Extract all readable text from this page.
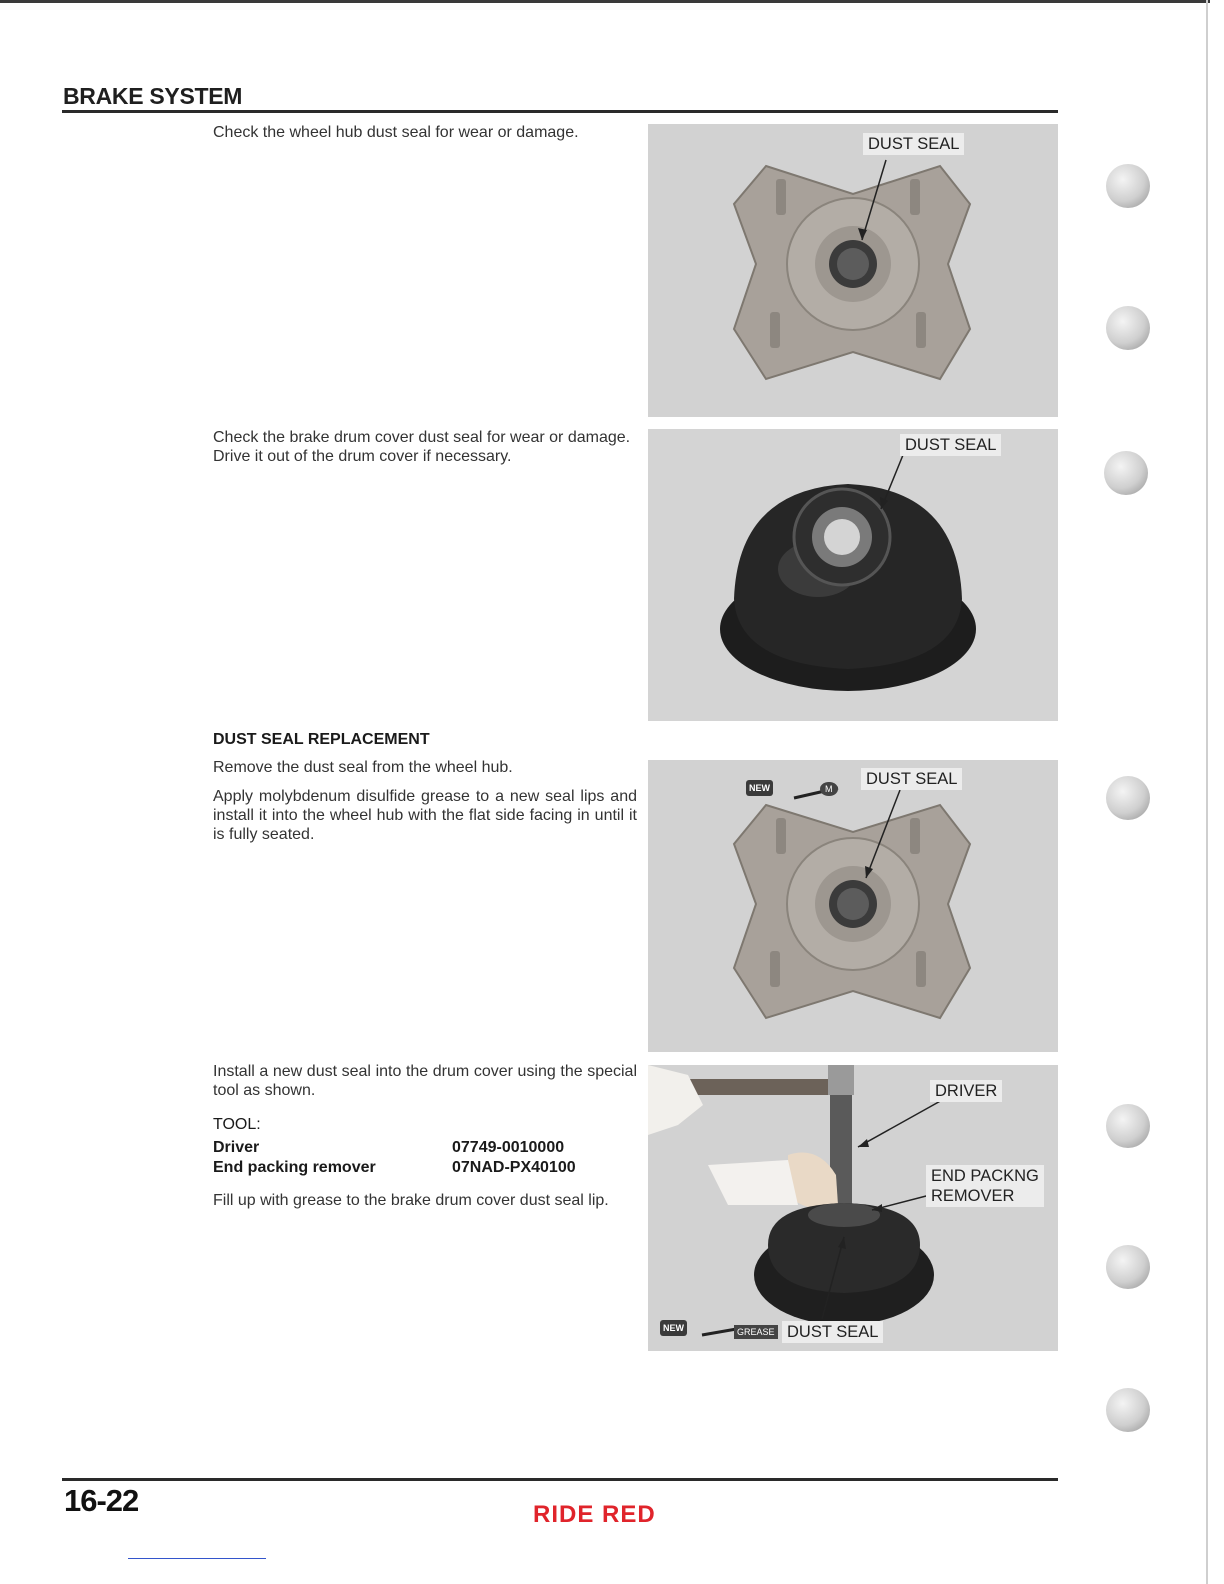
BRAKE SYSTEM
Check the wheel hub dust seal for wear or damage.
Check the brake drum cover dust seal for wear or damage.
Drive it out of the drum cover if necessary.
DUST SEAL REPLACEMENT
Remove the dust seal from the wheel hub.
Apply molybdenum disulfide grease to a new seal lips and install it into the wheel hub with the flat side facing in until it is fully seated.
Install a new dust seal into the drum cover using the special tool as shown.
TOOL:
Driver	07749-0010000
End packing remover	07NAD-PX40100
Fill up with grease to the brake drum cover dust seal lip.
DUST SEAL
DUST SEAL
NEW	M
DUST SEAL
DRIVER
END PACKNG
REMOVER
NEW	GREASE DUST SEAL
16-22	RIDE RED
